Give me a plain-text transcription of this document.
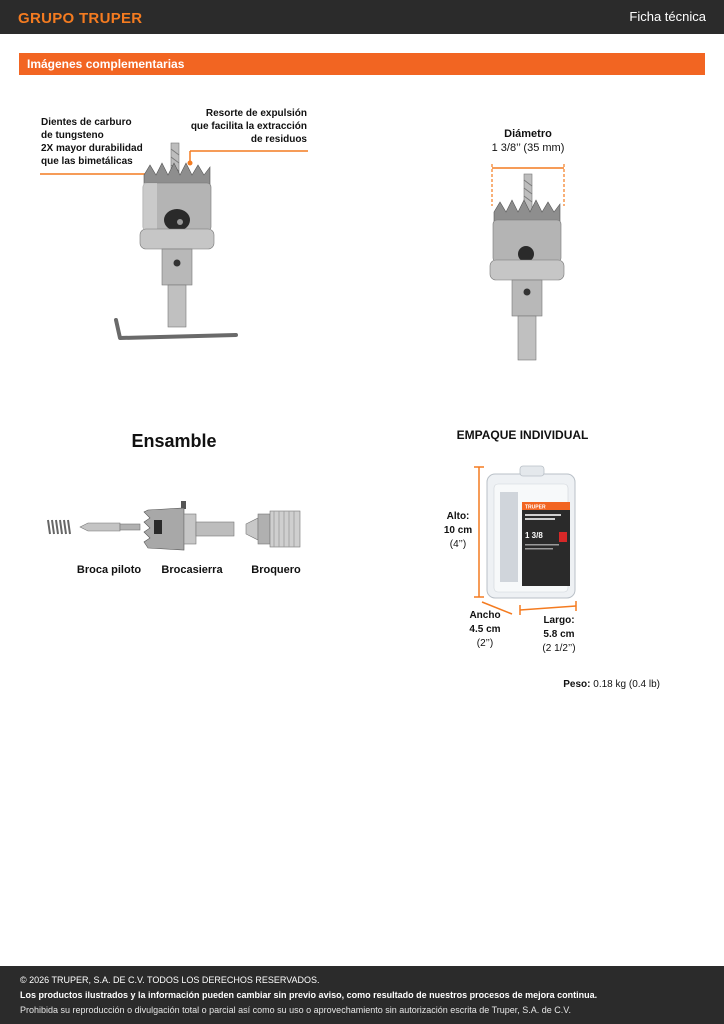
GRUPO TRUPER	Ficha técnica
Imágenes complementarias
Dientes de carburo
de tungsteno
2X mayor durabilidad
que las bimetálicas
Resorte de expulsión
que facilita la extracción
de residuos	Diámetro
1 3/8’’ (35 mm)
Ensamble
Broca piloto	Brocasierra	Broquero
EMPAQUE INDIVIDUAL
TRUPER
1 3/8
Alto:
10 cm
(4’’)
Ancho
4.5 cm
(2’’)
Largo:
5.8 cm
(2 1/2’’)
Peso: 0.18 kg (0.4 lb)
© 2026 TRUPER, S.A. DE C.V. TODOS LOS DERECHOS RESERVADOS.
Los productos ilustrados y la información pueden cambiar sin previo aviso, como resultado de nuestros procesos de mejora continua.
Prohibida su reproducción o divulgación total o parcial así como su uso o aprovechamiento sin autorización escrita de Truper, S.A. de C.V.
